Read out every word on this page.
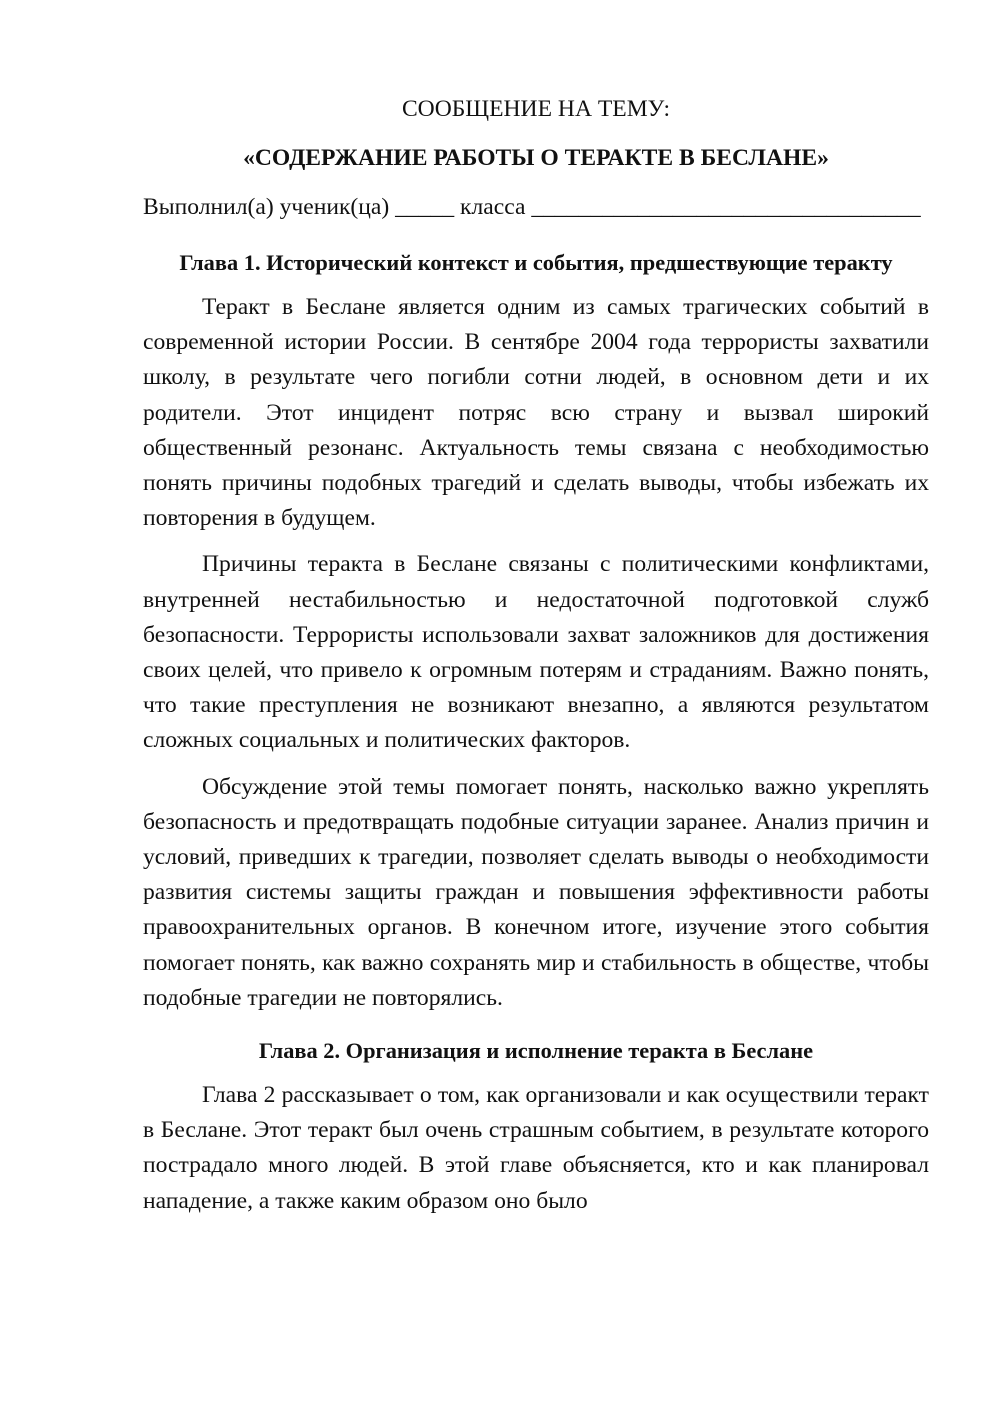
СООБЩЕНИЕ НА ТЕМУ:
«СОДЕРЖАНИЕ РАБОТЫ О ТЕРАКТЕ В БЕСЛАНЕ»

Выполнил(а) ученик(ца) _____ класса _________________________________

Глава 1. Исторический контекст и события, предшествующие теракту

Теракт в Беслане является одним из самых трагических событий в современной истории России. В сентябре 2004 года террористы захватили школу, в результате чего погибли сотни людей, в основном дети и их родители. Этот инцидент потряс всю страну и вызвал широкий общественный резонанс. Актуальность темы связана с необходимостью понять причины подобных трагедий и сделать выводы, чтобы избежать их повторения в будущем.

Причины теракта в Беслане связаны с политическими конфликтами, внутренней нестабильностью и недостаточной подготовкой служб безопасности. Террористы использовали захват заложников для достижения своих целей, что привело к огромным потерям и страданиям. Важно понять, что такие преступления не возникают внезапно, а являются результатом сложных социальных и политических факторов.

Обсуждение этой темы помогает понять, насколько важно укреплять безопасность и предотвращать подобные ситуации заранее. Анализ причин и условий, приведших к трагедии, позволяет сделать выводы о необходимости развития системы защиты граждан и повышения эффективности работы правоохранительных органов. В конечном итоге, изучение этого события помогает понять, как важно сохранять мир и стабильность в обществе, чтобы подобные трагедии не повторялись.

Глава 2. Организация и исполнение теракта в Беслане

Глава 2 рассказывает о том, как организовали и как осуществили теракт в Беслане. Этот теракт был очень страшным событием, в результате которого пострадало много людей. В этой главе объясняется, кто и как планировал нападение, а также каким образом оно было
